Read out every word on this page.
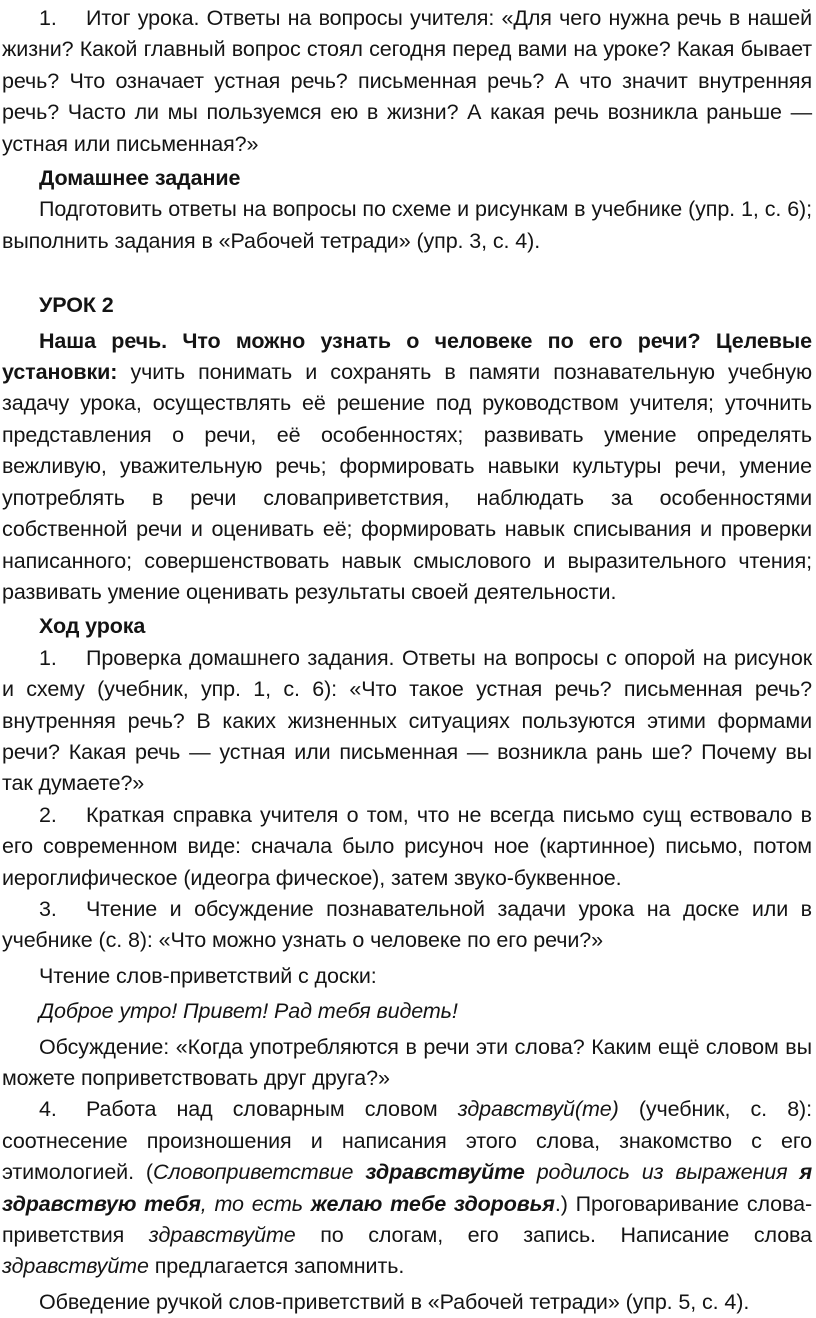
1. Итог урока. Ответы на вопросы учителя: «Для чего нужна речь в нашей жизни? Какой главный вопрос стоял сегодня перед вами на уроке? Какая бывает речь? Что означает устная речь? письменная речь? А что значит внутренняя речь? Часто ли мы пользуемся ею в жизни? А какая речь возникла раньше — устная или письменная?»

Домашнее задание

Подготовить ответы на вопросы по схеме и рисункам в учебнике (упр. 1, с. 6); выполнить задания в «Рабочей тетради» (упр. 3, с. 4).

УРОК 2

Наша речь. Что можно узнать о человеке по его речи? Целевые установки: учить понимать и сохранять в памяти познавательную учебную задачу урока, осуществлять её решение под руководством учителя; уточнить представления о речи, её особенностях; развивать умение определять вежливую, уважительную речь; формировать навыки культуры речи, умение употреблять в речи словаприветствия, наблюдать за особенностями собственной речи и оценивать её; формировать навык списывания и проверки написанного; совершенствовать навык смыслового и выразительного чтения; развивать умение оценивать результаты своей деятельности.

Ход урока

1. Проверка домашнего задания. Ответы на вопросы с опорой на рисунок и схему (учебник, упр. 1, с. 6): «Что такое устная речь? письменная речь? внутренняя речь? В каких жизненных ситуациях пользуются этими формами речи? Какая речь — устная или письменная — возникла рань ше? Почему вы так думаете?»

2. Краткая справка учителя о том, что не всегда письмо сущ ествовало в его современном виде: сначала было рисуноч ное (картинное) письмо, потом иероглифическое (идеогра фическое), затем звуко-буквенное.

3. Чтение и обсуждение познавательной задачи урока на доске или в учебнике (с. 8): «Что можно узнать о человеке по его речи?»

Чтение слов-приветствий с доски:

Доброе утро! Привет! Рад тебя видеть!

Обсуждение: «Когда употребляются в речи эти слова? Каким ещё словом вы можете поприветствовать друг друга?»

4. Работа над словарным словом здравствуй(те) (учебник, с. 8): соотнесение произношения и написания этого слова, знакомство с его этимологией. (Словоприветствие здравствуйте родилось из выражения я здравствую тебя, то есть желаю тебе здоровья.) Проговаривание слова-приветствия здравствуйте по слогам, его запись. Написание слова здравствуйте предлагается запомнить.

Обведение ручкой слов-приветствий в «Рабочей тетради» (упр. 5, с. 4).
